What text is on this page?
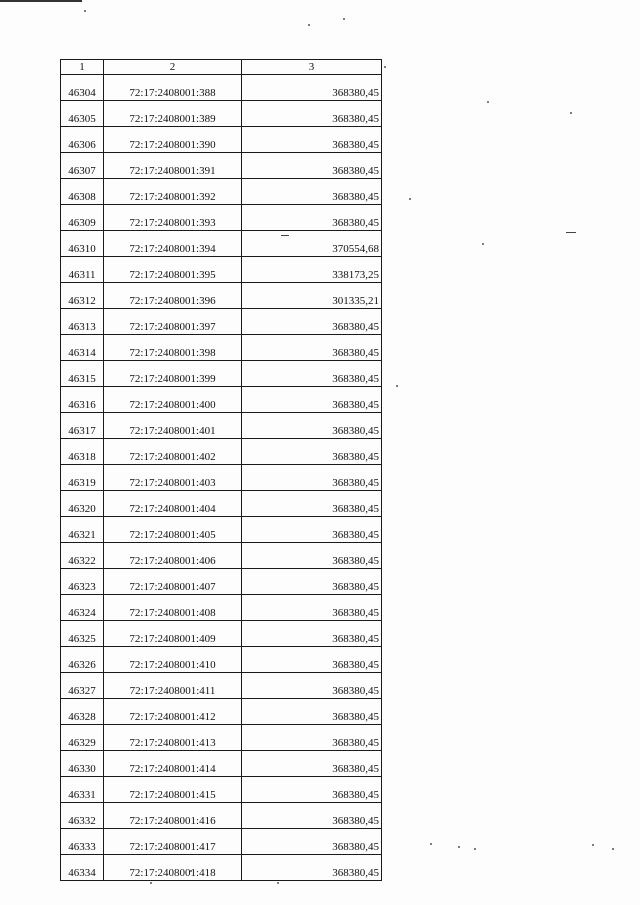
1	2	3
46304	72:17:2408001:388	368380,45
46305	72:17:2408001:389	368380,45
46306	72:17:2408001:390	368380,45
46307	72:17:2408001:391	368380,45
46308	72:17:2408001:392	368380,45
46309	72:17:2408001:393	368380,45
46310	72:17:2408001:394	370554,68
46311	72:17:2408001:395	338173,25
46312	72:17:2408001:396	301335,21
46313	72:17:2408001:397	368380,45
46314	72:17:2408001:398	368380,45
46315	72:17:2408001:399	368380,45
46316	72:17:2408001:400	368380,45
46317	72:17:2408001:401	368380,45
46318	72:17:2408001:402	368380,45
46319	72:17:2408001:403	368380,45
46320	72:17:2408001:404	368380,45
46321	72:17:2408001:405	368380,45
46322	72:17:2408001:406	368380,45
46323	72:17:2408001:407	368380,45
46324	72:17:2408001:408	368380,45
46325	72:17:2408001:409	368380,45
46326	72:17:2408001:410	368380,45
46327	72:17:2408001:411	368380,45
46328	72:17:2408001:412	368380,45
46329	72:17:2408001:413	368380,45
46330	72:17:2408001:414	368380,45
46331	72:17:2408001:415	368380,45
46332	72:17:2408001:416	368380,45
46333	72:17:2408001:417	368380,45
46334	72:17:2408001:418	368380,45
